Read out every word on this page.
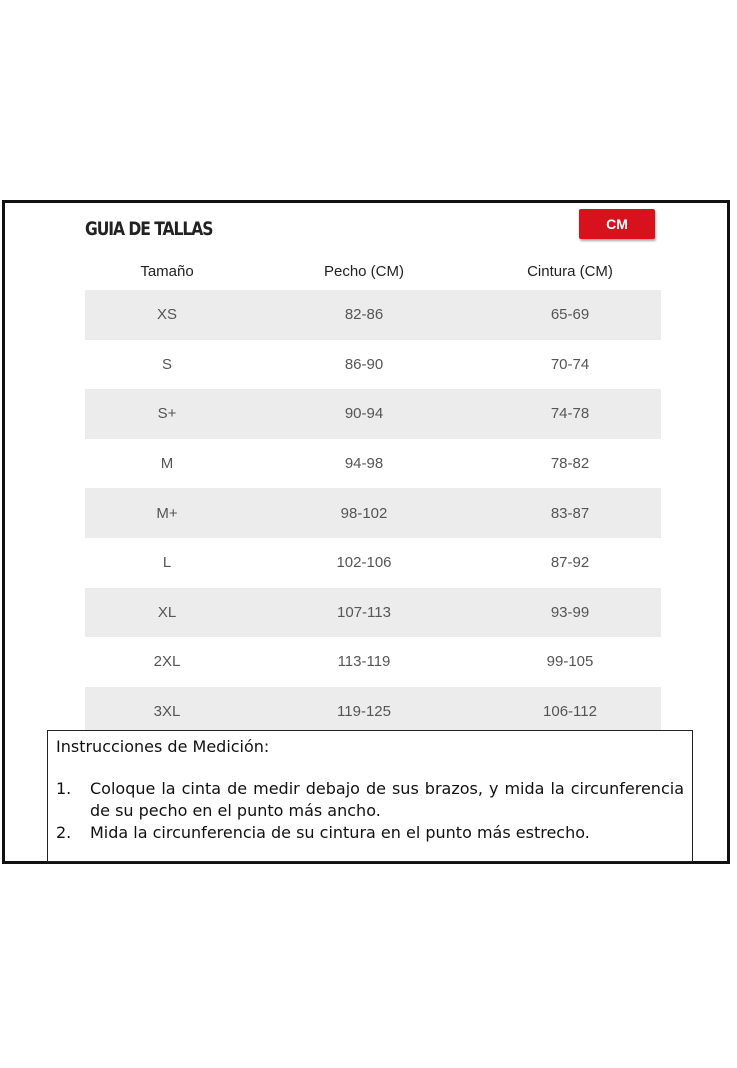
GUIA DE TALLAS	CM
Tamaño	Pecho (CM)	Cintura (CM)
XS	82-86	65-69
S	86-90	70-74
S+	90-94	74-78
M	94-98	78-82
M+	98-102	83-87
L	102-106	87-92
XL	107-113	93-99
2XL	113-119	99-105
3XL	119-125	106-112
Instrucciones de Medición:
1.	Coloque la cinta de medir debajo de sus brazos, y mida la circunferencia de su pecho en el punto más ancho.
2.	Mida la circunferencia de su cintura en el punto más estrecho.
